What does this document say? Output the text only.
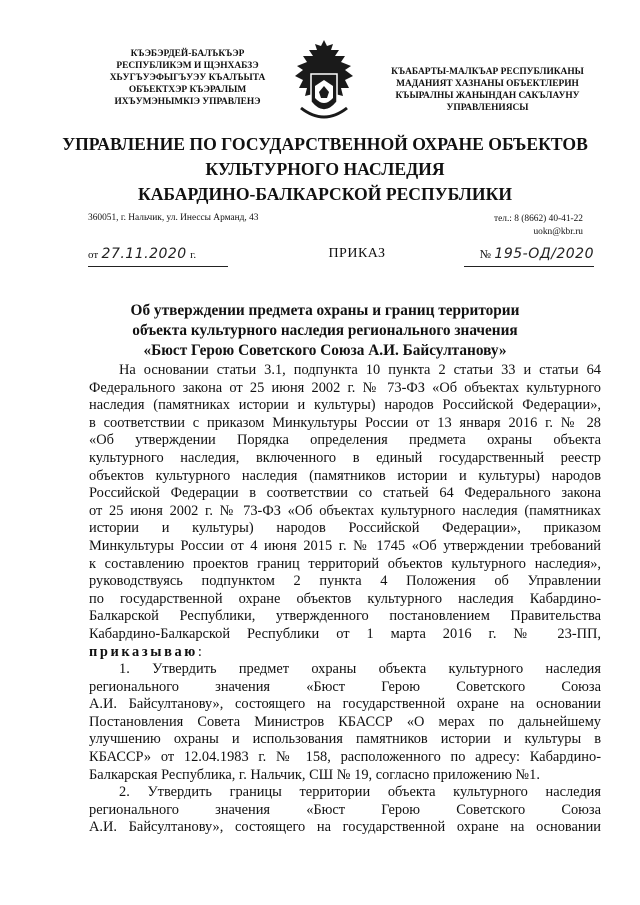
КЪЭБЭРДЕЙ-БАЛЪКЪЭР
РЕСПУБЛИКЭМ И ЩЭНХАБЗЭ
ХЬУГЪУЭФЫГЪУЭУ КЪАЛЪЫТА
ОБЪЕКТХЭР КЪЭРАЛЫМ
ИХЪУМЭНЫМКIЭ УПРАВЛЕНЭ
КЪАБАРТЫ-МАЛКЪАР РЕСПУБЛИКАНЫ
МАДАНИЯТ ХАЗНАНЫ ОБЪЕКТЛЕРИН
КЪЫРАЛНЫ ЖАНЫНДАН САКЪЛАУНУ
УПРАВЛЕНИЯСЫ
УПРАВЛЕНИЕ ПО ГОСУДАРСТВЕННОЙ ОХРАНЕ ОБЪЕКТОВ
КУЛЬТУРНОГО НАСЛЕДИЯ
КАБАРДИНО-БАЛКАРСКОЙ РЕСПУБЛИКИ
360051, г. Нальчик, ул. Инессы Арманд, 43	тел.: 8 (8662) 40-41-22
uokn@kbr.ru
от 27.11.2020 г.	ПРИКАЗ	№ 195-ОД/2020
Об утверждении предмета охраны и границ территории
объекта культурного наследия регионального значения
«Бюст Герою Советского Союза А.И. Байсултанову»
На основании статьи 3.1, подпункта 10 пункта 2 статьи 33 и статьи 64
Федерального закона от 25 июня 2002 г. № 73-ФЗ «Об объектах культурного
наследия (памятниках истории и культуры) народов Российской Федерации»,
в соответствии с приказом Минкультуры России от 13 января 2016 г. № 28
«Об утверждении Порядка определения предмета охраны объекта
культурного наследия, включенного в единый государственный реестр
объектов культурного наследия (памятников истории и культуры) народов
Российской Федерации в соответствии со статьей 64 Федерального закона
от 25 июня 2002 г. № 73-ФЗ «Об объектах культурного наследия (памятниках
истории и культуры) народов Российской Федерации», приказом
Минкультуры России от 4 июня 2015 г. № 1745 «Об утверждении требований
к составлению проектов границ территорий объектов культурного наследия»,
руководствуясь подпунктом 2 пункта 4 Положения об Управлении
по государственной охране объектов культурного наследия Кабардино-
Балкарской Республики, утвержденного постановлением Правительства
Кабардино-Балкарской Республики от 1 марта 2016 г. № 23-ПП,
приказываю:
1. Утвердить предмет охраны объекта культурного наследия
регионального значения «Бюст Герою Советского Союза
А.И. Байсултанову», состоящего на государственной охране на основании
Постановления Совета Министров КБАССР «О мерах по дальнейшему
улучшению охраны и использования памятников истории и культуры в
КБАССР» от 12.04.1983 г. № 158, расположенного по адресу: Кабардино-
Балкарская Республика, г. Нальчик, СШ № 19, согласно приложению №1.
2. Утвердить границы территории объекта культурного наследия
регионального значения «Бюст Герою Советского Союза
А.И. Байсултанову», состоящего на государственной охране на основании
